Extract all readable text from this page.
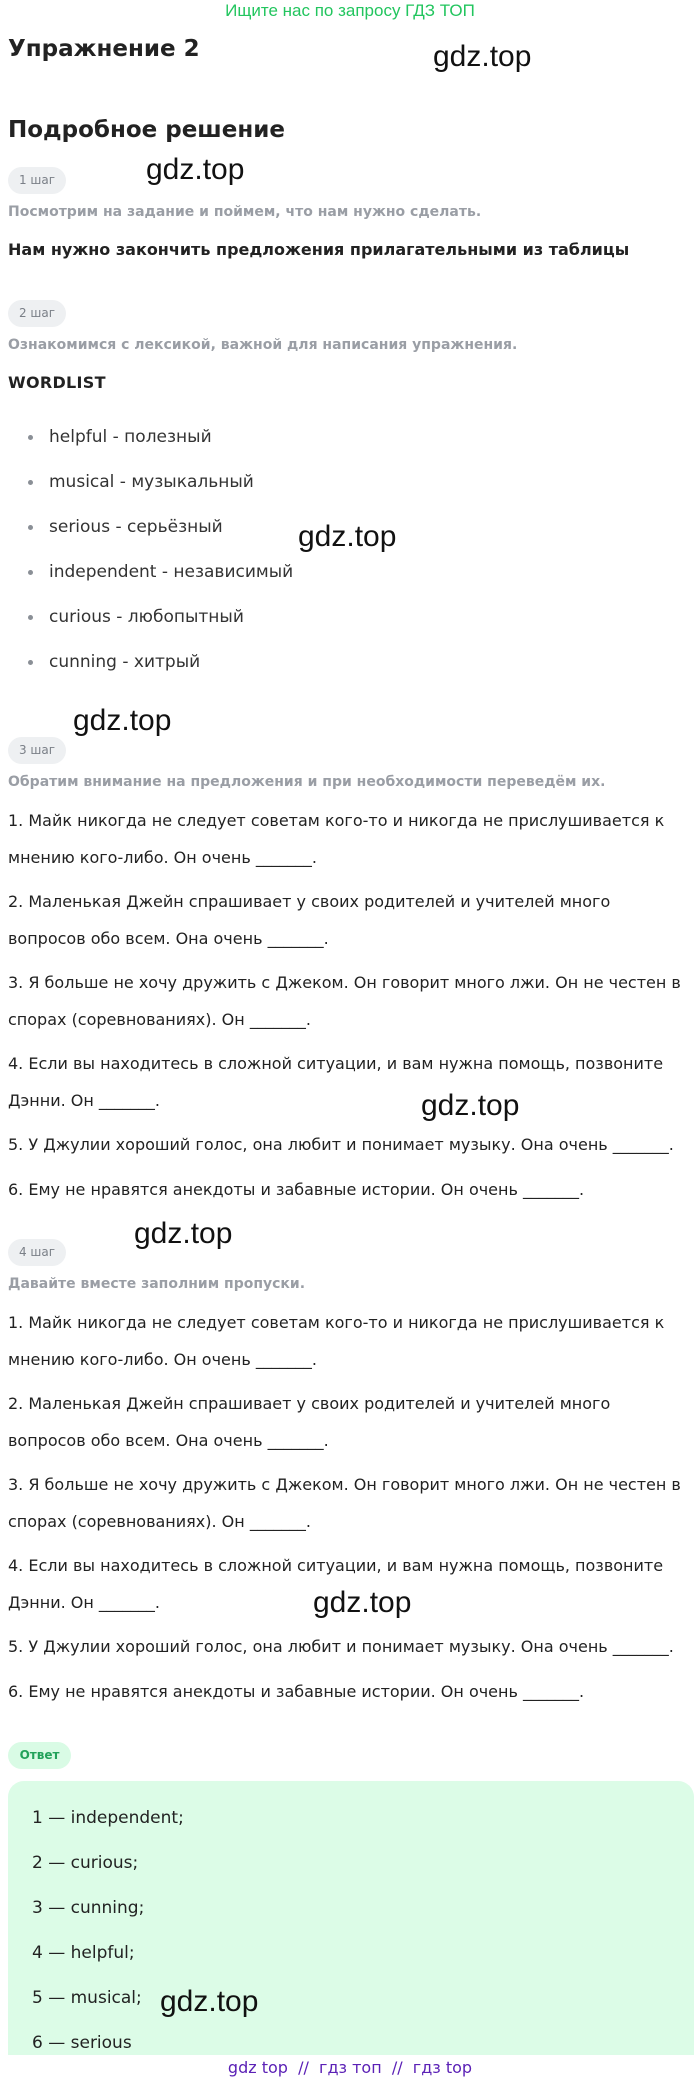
Ищите нас по запросу ГДЗ ТОП
Упражнение 2	gdz.top
Подробное решение
1 шаг	gdz.top
Посмотрим на задание и поймем, что нам нужно сделать.
Нам нужно закончить предложения прилагательными из таблицы
2 шаг
Ознакомимся с лексикой, важной для написания упражнения.
WORDLIST
helpful - полезный
musical - музыкальный
serious - серьёзный
independent - независимый
curious - любопытный
cunning - хитрый
gdz.top
gdz.top
3 шаг
Обратим внимание на предложения и при необходимости переведём их.

1. Майк никогда не следует советам кого-то и никогда не прислушивается к мнению кого-либо. Он очень _______.

2. Маленькая Джейн спрашивает у своих родителей и учителей много вопросов обо всем. Она очень _______.

3. Я больше не хочу дружить с Джеком. Он говорит много лжи. Он не честен в спорах (соревнованиях). Он _______.

4. Если вы находитесь в сложной ситуации, и вам нужна помощь, позвоните Дэнни. Он _______.

5. У Джулии хороший голос, она любит и понимает музыку. Она очень _______.

6. Ему не нравятся анекдоты и забавные истории. Он очень _______.

gdz.top
4 шаг
gdz.top
Давайте вместе заполним пропуски.

1. Майк никогда не следует советам кого-то и никогда не прислушивается к мнению кого-либо. Он очень _______.

2. Маленькая Джейн спрашивает у своих родителей и учителей много вопросов обо всем. Она очень _______.

3. Я больше не хочу дружить с Джеком. Он говорит много лжи. Он не честен в спорах (соревнованиях). Он _______.

4. Если вы находитесь в сложной ситуации, и вам нужна помощь, позвоните Дэнни. Он _______.

5. У Джулии хороший голос, она любит и понимает музыку. Она очень _______.

6. Ему не нравятся анекдоты и забавные истории. Он очень _______.

gdz.top
Ответ
1 — independent;
2 — curious;
3 — cunning;
4 — helpful;
5 — musical;
6 — serious
gdz.top
gdz top  //  гдз топ  //  гдз top
